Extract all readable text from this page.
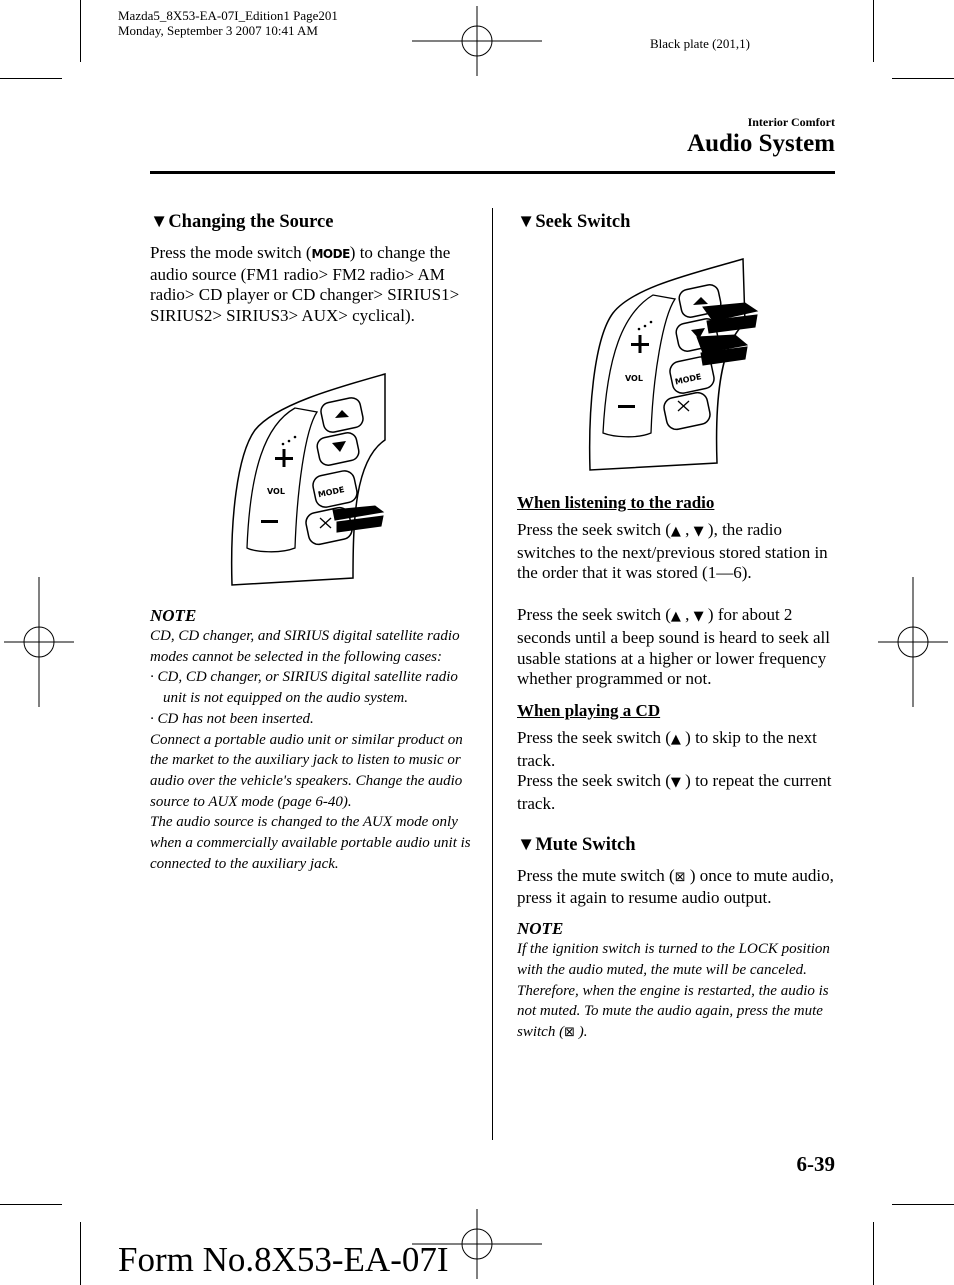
Mazda5_8X53-EA-07I_Edition1 Page201
Monday, September 3 2007 10:41 AM
Black plate (201,1)
Interior Comfort
Audio System
▼Changing the Source

Press the mode switch (MODE) to change the audio source (FM1 radio> FM2 radio> AM radio> CD player or CD changer> SIRIUS1> SIRIUS2> SIRIUS3> AUX> cyclical).

VOL	MODE
NOTE

CD, CD changer, and SIRIUS digital satellite radio modes cannot be selected in the following cases:

· CD, CD changer, or SIRIUS digital satellite radio unit is not equipped on the audio system.

· CD has not been inserted.

Connect a portable audio unit or similar product on the market to the auxiliary jack to listen to music or audio over the vehicle's speakers. Change the audio source to AUX mode (page 6-40).

The audio source is changed to the AUX mode only when a commercially available portable audio unit is connected to the auxiliary jack.

▼Seek Switch
VOL	MODE
When listening to the radio

Press the seek switch (▲ , ▼ ), the radio switches to the next/previous stored station in the order that it was stored (1―6).

Press the seek switch (▲ , ▼ ) for about 2 seconds until a beep sound is heard to seek all usable stations at a higher or lower frequency whether programmed or not.

When playing a CD

Press the seek switch (▲ ) to skip to the next track.

Press the seek switch (▼ ) to repeat the current track.

▼Mute Switch

Press the mute switch (⊠ ) once to mute audio, press it again to resume audio output.

NOTE

If the ignition switch is turned to the LOCK position with the audio muted, the mute will be canceled.

Therefore, when the engine is restarted, the audio is not muted. To mute the audio again, press the mute switch (⊠ ).

6-39
Form No.8X53-EA-07I
